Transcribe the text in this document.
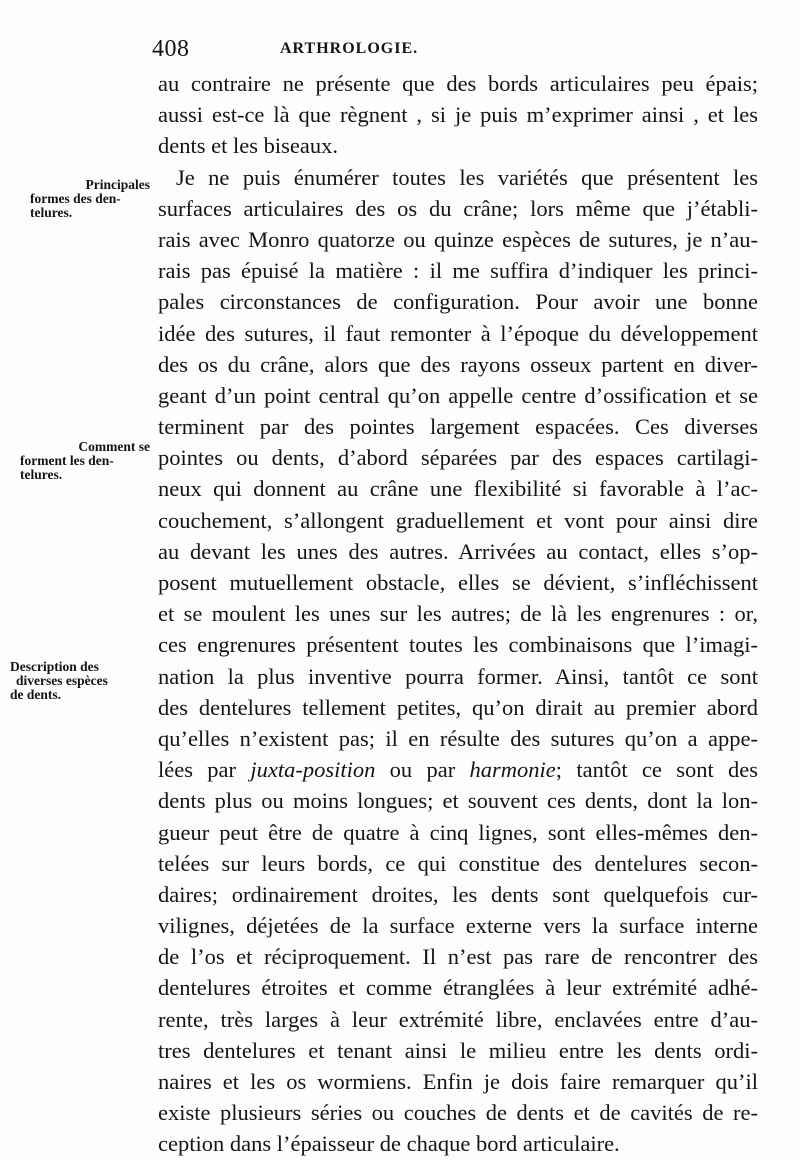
408	ARTHROLOGIE.
Principales
formes des den-
telures.
Comment se
forment les den-
telures.
Description des
diverses espèces
de dents.
au contraire ne présente que des bords articulaires peu épais;
aussi est-ce là que règnent , si je puis m’exprimer ainsi , et les
dents et les biseaux.
Je ne puis énumérer toutes les variétés que présentent les
surfaces articulaires des os du crâne; lors même que j’établi-
rais avec Monro quatorze ou quinze espèces de sutures, je n’au-
rais pas épuisé la matière : il me suffira d’indiquer les princi-
pales circonstances de configuration. Pour avoir une bonne
idée des sutures, il faut remonter à l’époque du développement
des os du crâne, alors que des rayons osseux partent en diver-
geant d’un point central qu’on appelle centre d’ossification et se
terminent par des pointes largement espacées. Ces diverses
pointes ou dents, d’abord séparées par des espaces cartilagi-
neux qui donnent au crâne une flexibilité si favorable à l’ac-
couchement, s’allongent graduellement et vont pour ainsi dire
au devant les unes des autres. Arrivées au contact, elles s’op-
posent mutuellement obstacle, elles se dévient, s’infléchissent
et se moulent les unes sur les autres; de là les engrenures : or,
ces engrenures présentent toutes les combinaisons que l’imagi-
nation la plus inventive pourra former. Ainsi, tantôt ce sont
des dentelures tellement petites, qu’on dirait au premier abord
qu’elles n’existent pas; il en résulte des sutures qu’on a appe-
lées par juxta-position ou par harmonie; tantôt ce sont des
dents plus ou moins longues; et souvent ces dents, dont la lon-
gueur peut être de quatre à cinq lignes, sont elles-mêmes den-
telées sur leurs bords, ce qui constitue des dentelures secon-
daires; ordinairement droites, les dents sont quelquefois cur-
vilignes, déjetées de la surface externe vers la surface interne
de l’os et réciproquement. Il n’est pas rare de rencontrer des
dentelures étroites et comme étranglées à leur extrémité adhé-
rente, très larges à leur extrémité libre, enclavées entre d’au-
tres dentelures et tenant ainsi le milieu entre les dents ordi-
naires et les os wormiens. Enfin je dois faire remarquer qu’il
existe plusieurs séries ou couches de dents et de cavités de re-
ception dans l’épaisseur de chaque bord articulaire.
